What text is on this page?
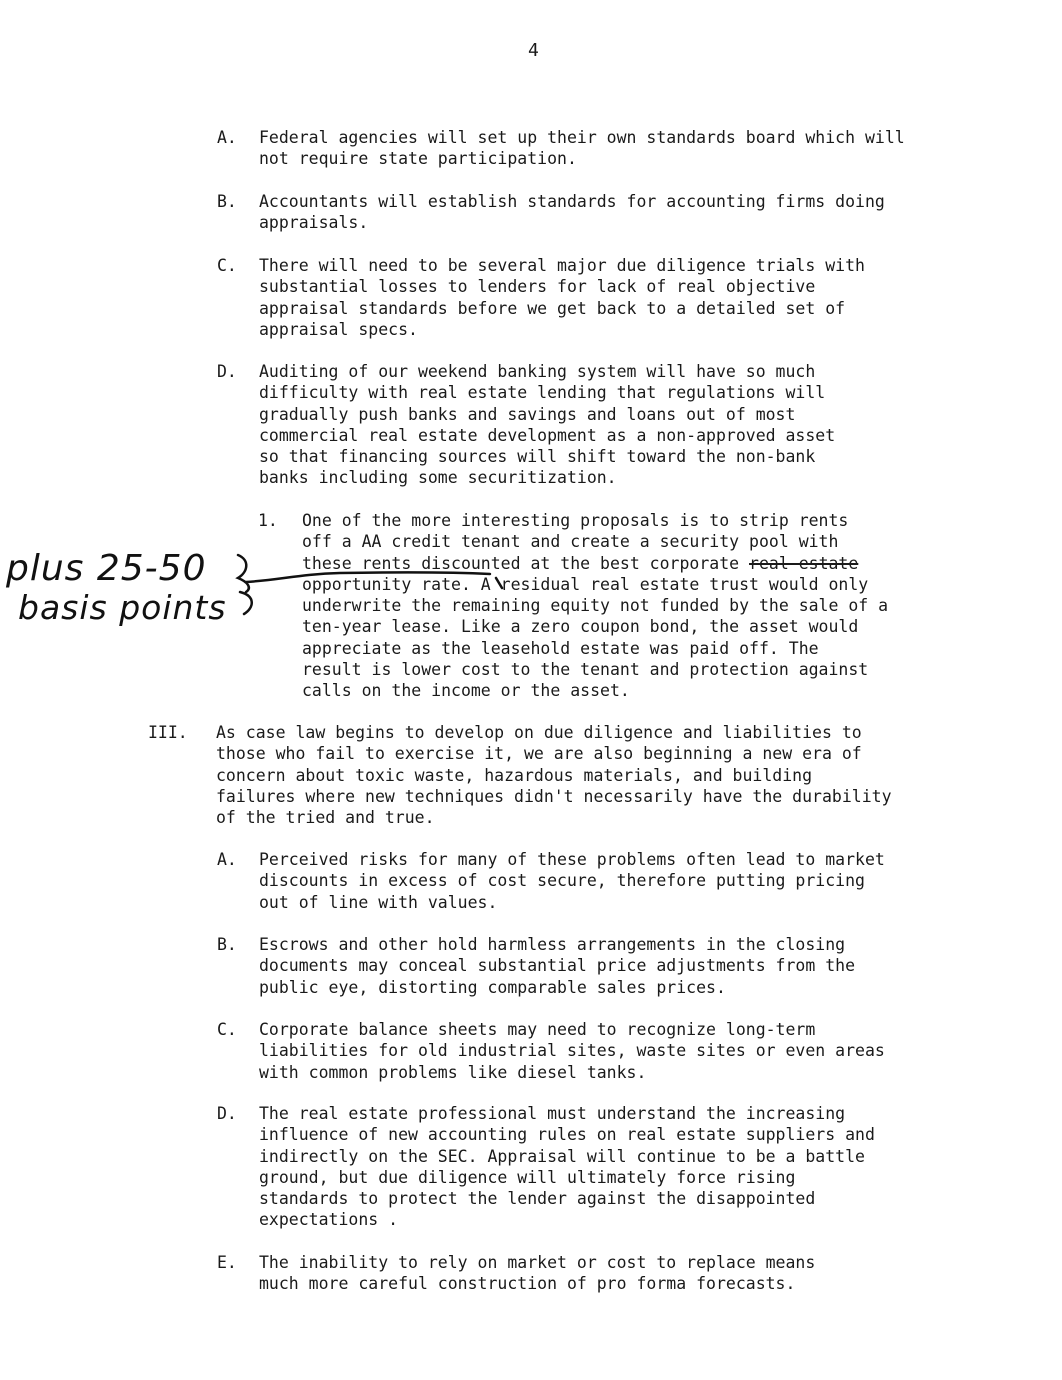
4
A. Federal agencies will set up their own standards board which will
not require state participation.
B. Accountants will establish standards for accounting firms doing
appraisals.
C. There will need to be several major due diligence trials with
substantial losses to lenders for lack of real objective
appraisal standards before we get back to a detailed set of
appraisal specs.
D. Auditing of our weekend banking system will have so much
difficulty with real estate lending that regulations will
gradually push banks and savings and loans out of most
commercial real estate development as a non-approved asset
so that financing sources will shift toward the non-bank
banks including some securitization.
1. One of the more interesting proposals is to strip rents
off a AA credit tenant and create a security pool with
these rents discounted at the best corporate real estate
opportunity rate. A residual real estate trust would only
underwrite the remaining equity not funded by the sale of a
ten-year lease. Like a zero coupon bond, the asset would
appreciate as the leasehold estate was paid off. The
result is lower cost to the tenant and protection against
calls on the income or the asset.
III. As case law begins to develop on due diligence and liabilities to
those who fail to exercise it, we are also beginning a new era of
concern about toxic waste, hazardous materials, and building
failures where new techniques didn't necessarily have the durability
of the tried and true.
A. Perceived risks for many of these problems often lead to market
discounts in excess of cost secure, therefore putting pricing
out of line with values.
B. Escrows and other hold harmless arrangements in the closing
documents may conceal substantial price adjustments from the
public eye, distorting comparable sales prices.
C. Corporate balance sheets may need to recognize long-term
liabilities for old industrial sites, waste sites or even areas
with common problems like diesel tanks.
D. The real estate professional must understand the increasing
influence of new accounting rules on real estate suppliers and
indirectly on the SEC. Appraisal will continue to be a battle
ground, but due diligence will ultimately force rising
standards to protect the lender against the disappointed
expectations .
E. The inability to rely on market or cost to replace means
much more careful construction of pro forma forecasts.
plus 25-50
basis points
